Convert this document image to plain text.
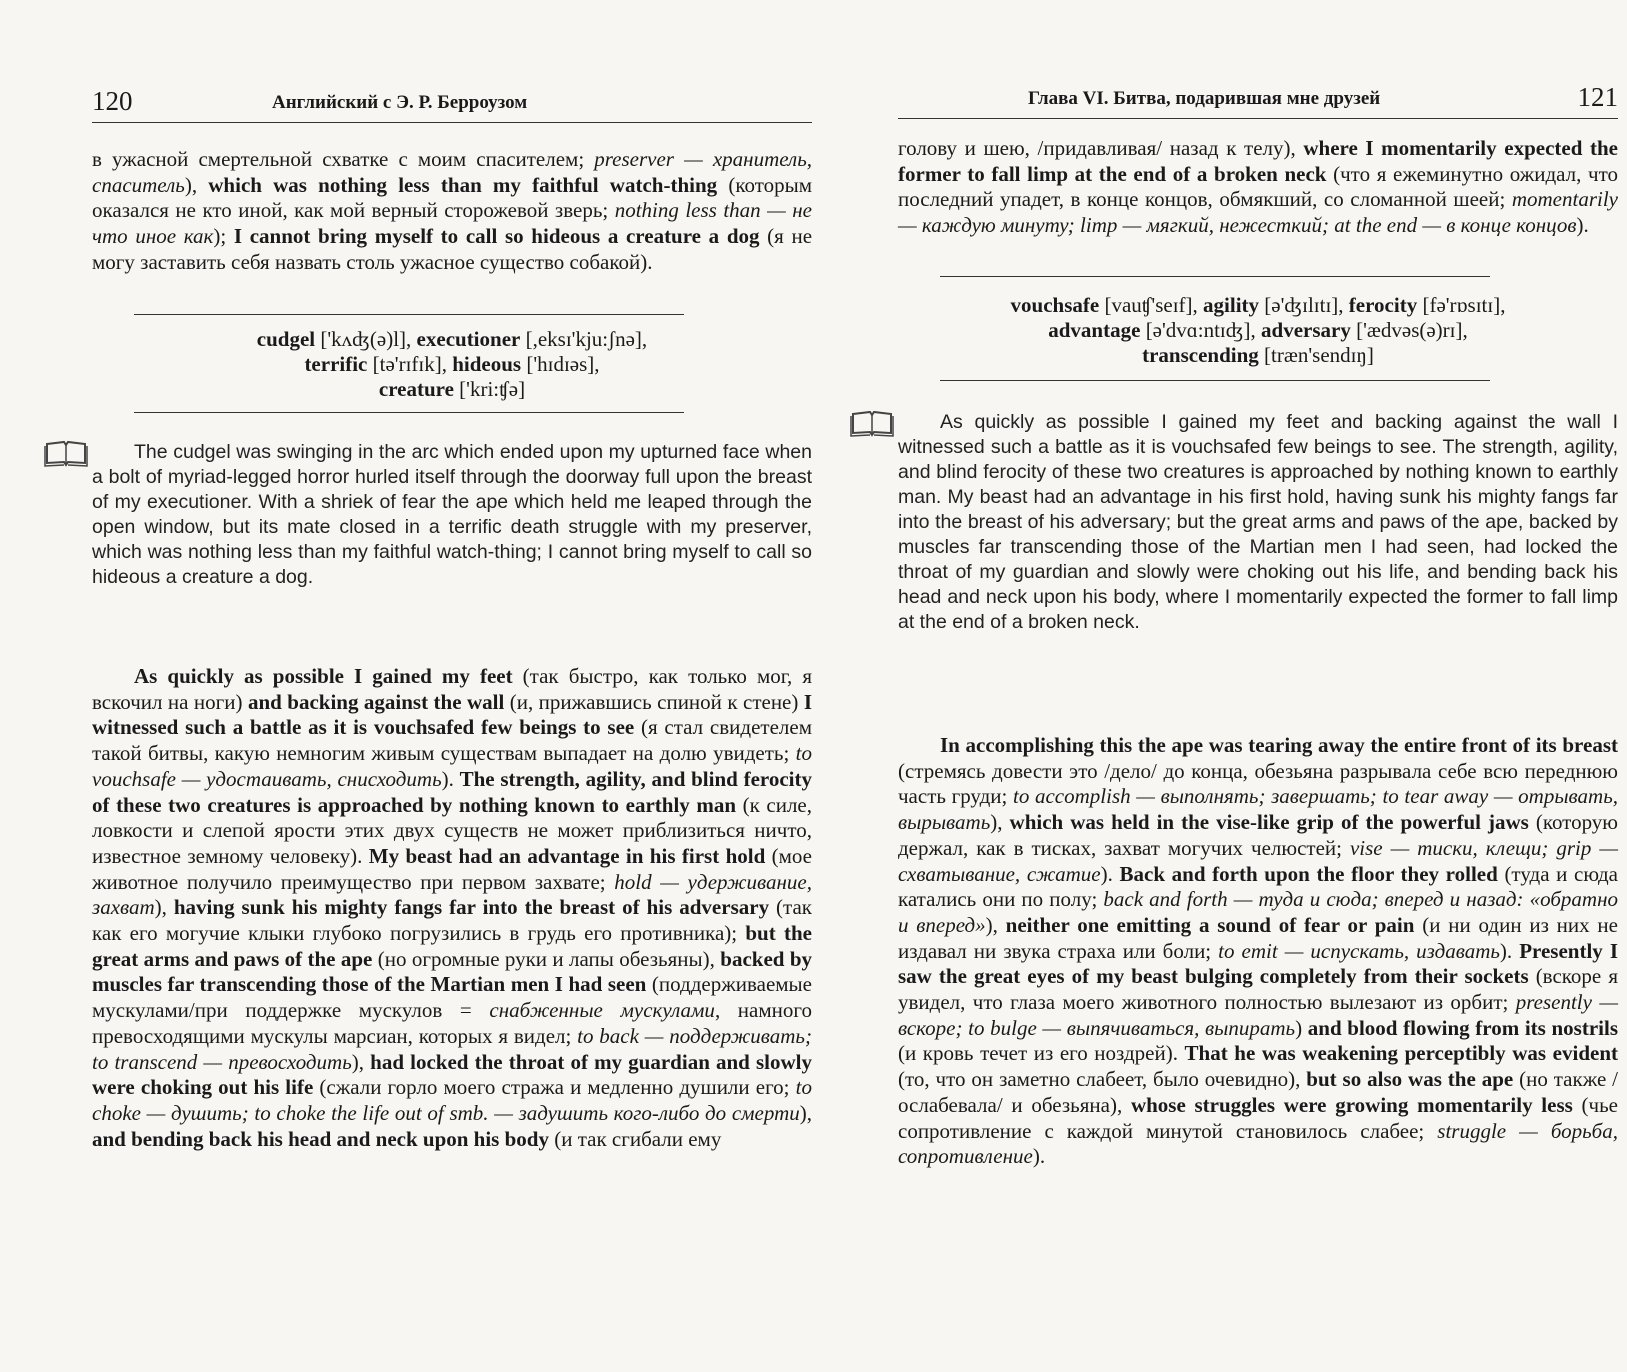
120	Английский с Э. Р. Берроузом

в ужасной смертельной схватке с моим спасителем; preserver — хранитель, спаситель), which was nothing less than my faithful watch-thing (которым оказался не кто иной, как мой верный сторожевой зверь; nothing less than — не что иное как); I cannot bring myself to call so hideous a creature a dog (я не могу заставить себя назвать столь ужасное существо собакой).

cudgel ['kʌʤ(ə)l], executioner [,eksɪ'kju:ʃnə],
terrific [tə'rɪfɪk], hideous ['hɪdɪəs],
creature ['kri:ʧə]

The cudgel was swinging in the arc which ended upon my upturned face when a bolt of myriad-legged horror hurled itself through the doorway full upon the breast of my executioner. With a shriek of fear the ape which held me leaped through the open window, but its mate closed in a terrific death struggle with my preserver, which was nothing less than my faithful watch-thing; I cannot bring myself to call so hideous a creature a dog.

As quickly as possible I gained my feet (так быстро, как только мог, я вскочил на ноги) and backing against the wall (и, прижавшись спиной к стене) I witnessed such a battle as it is vouchsafed few beings to see (я стал свидетелем такой битвы, какую немногим живым существам выпадает на долю увидеть; to vouchsafe — удостаивать, снисходить). The strength, agility, and blind ferocity of these two creatures is approached by nothing known to earthly man (к силе, ловкости и слепой ярости этих двух существ не может приблизиться ничто, известное земному человеку). My beast had an advantage in his first hold (мое животное получило преимущество при первом захвате; hold — удерживание, захват), having sunk his mighty fangs far into the breast of his adversary (так как его могучие клыки глубоко погрузились в грудь его противника); but the great arms and paws of the ape (но огромные руки и лапы обезьяны), backed by muscles far transcending those of the Martian men I had seen (поддерживаемые мускулами/при поддержке мускулов = снабженные мускулами, намного превосходящими мускулы марсиан, которых я видел; to back — поддерживать; to transcend — превосходить), had locked the throat of my guardian and slowly were choking out his life (сжали горло моего стража и медленно душили его; to choke — душить; to choke the life out of smb. — задушить кого-либо до смерти), and bending back his head and neck upon his body (и так сгибали ему

Глава VI. Битва, подарившая мне друзей	121

голову и шею, /придавливая/ назад к телу), where I momentarily expected the former to fall limp at the end of a broken neck (что я ежеминутно ожидал, что последний упадет, в конце концов, обмякший, со сломанной шеей; momentarily — каждую минуту; limp — мягкий, нежесткий; at the end — в конце концов).

vouchsafe [vauʧ'seɪf], agility [ə'ʤɪlɪtɪ], ferocity [fə'rɒsɪtɪ],
advantage [ə'dvɑ:ntɪʤ], adversary ['ædvəs(ə)rɪ],
transcending [træn'sendɪŋ]

As quickly as possible I gained my feet and backing against the wall I witnessed such a battle as it is vouchsafed few beings to see. The strength, agility, and blind ferocity of these two creatures is approached by nothing known to earthly man. My beast had an advantage in his first hold, having sunk his mighty fangs far into the breast of his adversary; but the great arms and paws of the ape, backed by muscles far transcending those of the Martian men I had seen, had locked the throat of my guardian and slowly were choking out his life, and bending back his head and neck upon his body, where I momentarily expected the former to fall limp at the end of a broken neck.

In accomplishing this the ape was tearing away the entire front of its breast (стремясь довести это /дело/ до конца, обезьяна разрывала себе всю переднюю часть груди; to accomplish — выполнять; завершать; to tear away — отрывать, вырывать), which was held in the vise-like grip of the powerful jaws (которую держал, как в тисках, захват могучих челюстей; vise — тиски, клещи; grip — схватывание, сжатие). Back and forth upon the floor they rolled (туда и сюда катались они по полу; back and forth — туда и сюда; вперед и назад: «обратно и вперед»), neither one emitting a sound of fear or pain (и ни один из них не издавал ни звука страха или боли; to emit — испускать, издавать). Presently I saw the great eyes of my beast bulging completely from their sockets (вскоре я увидел, что глаза моего животного полностью вылезают из орбит; presently — вскоре; to bulge — выпячиваться, выпирать) and blood flowing from its nostrils (и кровь течет из его ноздрей). That he was weakening perceptibly was evident (то, что он заметно слабеет, было очевидно), but so also was the ape (но также /ослабевала/ и обезьяна), whose struggles were growing momentarily less (чье сопротивление с каждой минутой становилось слабее; struggle — борьба, сопротивление).
